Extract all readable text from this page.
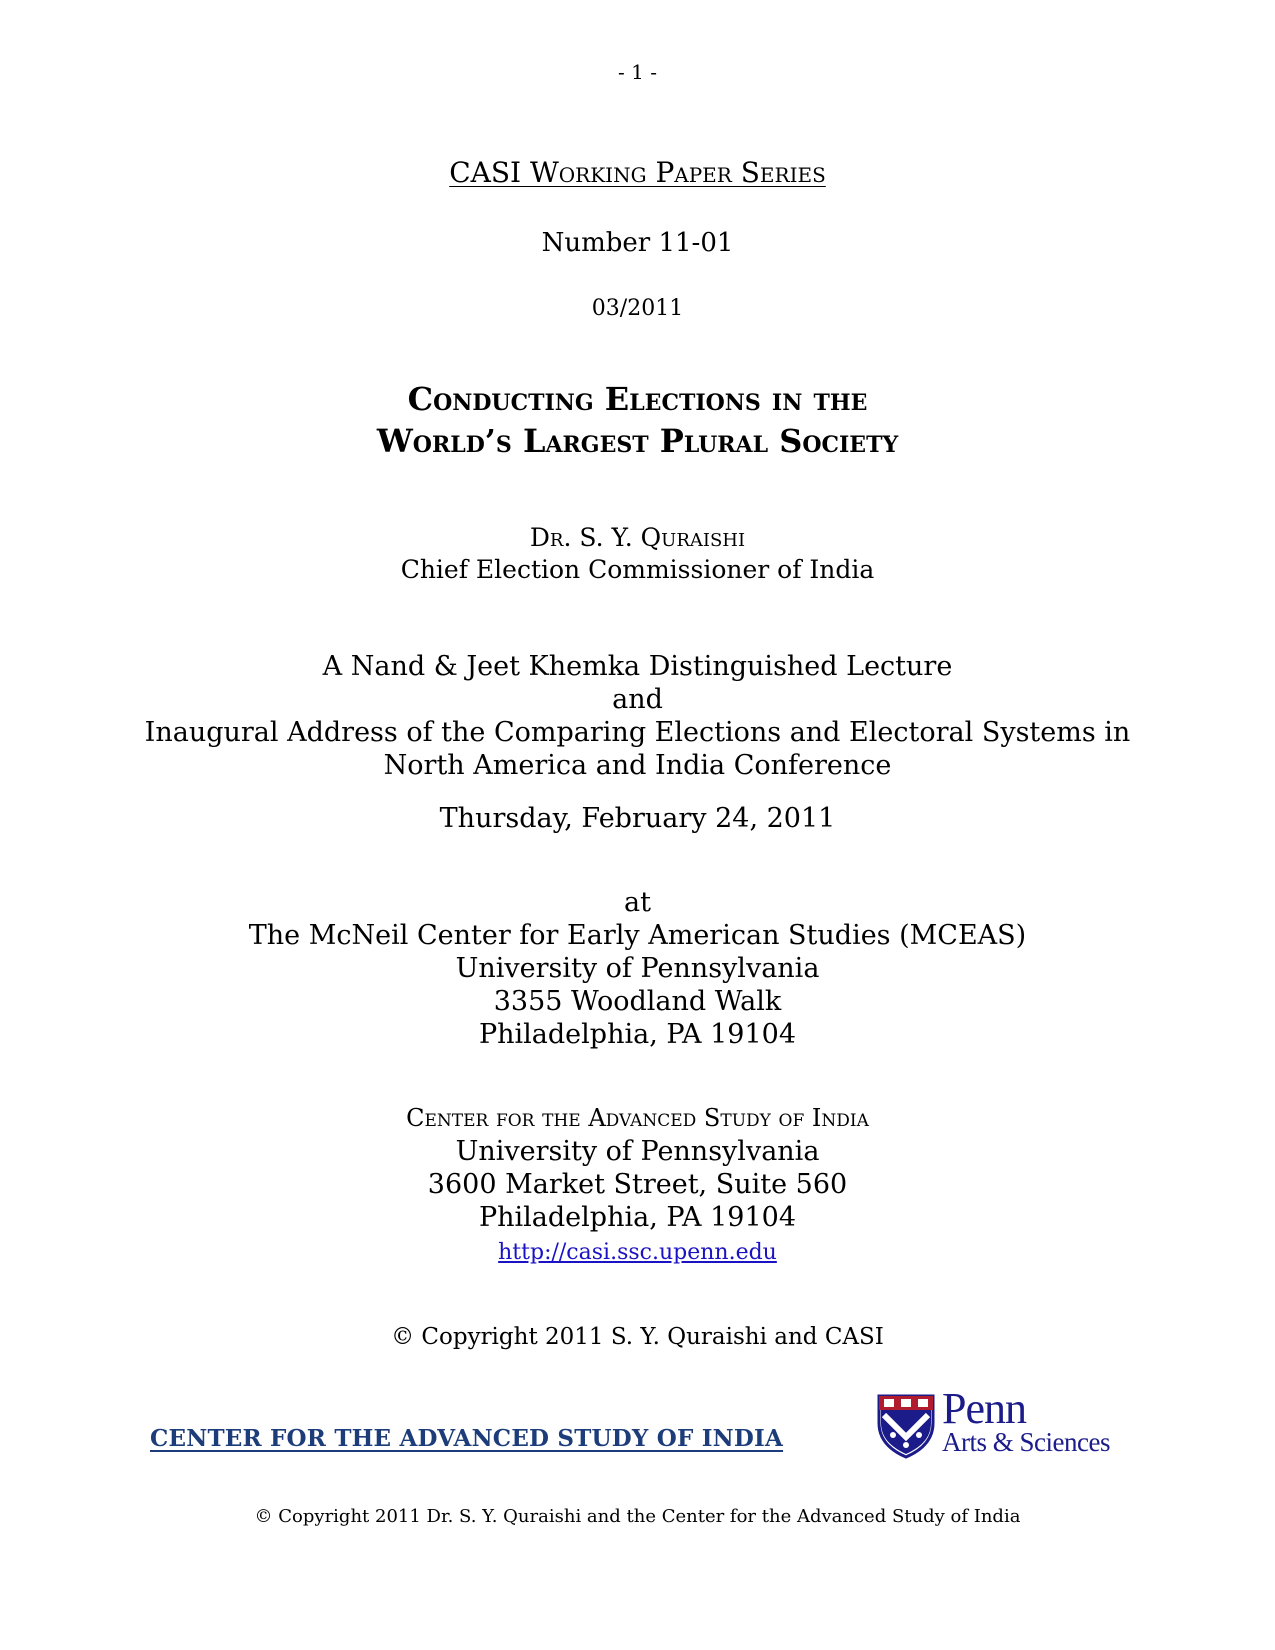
- 1 -
CASI Working Paper Series
Number 11-01
03/2011
Conducting Elections in the
World’s Largest Plural Society
Dr. S. Y. Quraishi
Chief Election Commissioner of India
A Nand & Jeet Khemka Distinguished Lecture
and
Inaugural Address of the Comparing Elections and Electoral Systems in
North America and India Conference
Thursday, February 24, 2011
at
The McNeil Center for Early American Studies (MCEAS)
University of Pennsylvania
3355 Woodland Walk
Philadelphia, PA 19104
Center for the Advanced Study of India
University of Pennsylvania
3600 Market Street, Suite 560
Philadelphia, PA 19104
http://casi.ssc.upenn.edu
© Copyright 2011 S. Y. Quraishi and CASI
CENTER FOR THE ADVANCED STUDY OF INDIA
Penn
Arts & Sciences
© Copyright 2011 Dr. S. Y. Quraishi and the Center for the Advanced Study of India
